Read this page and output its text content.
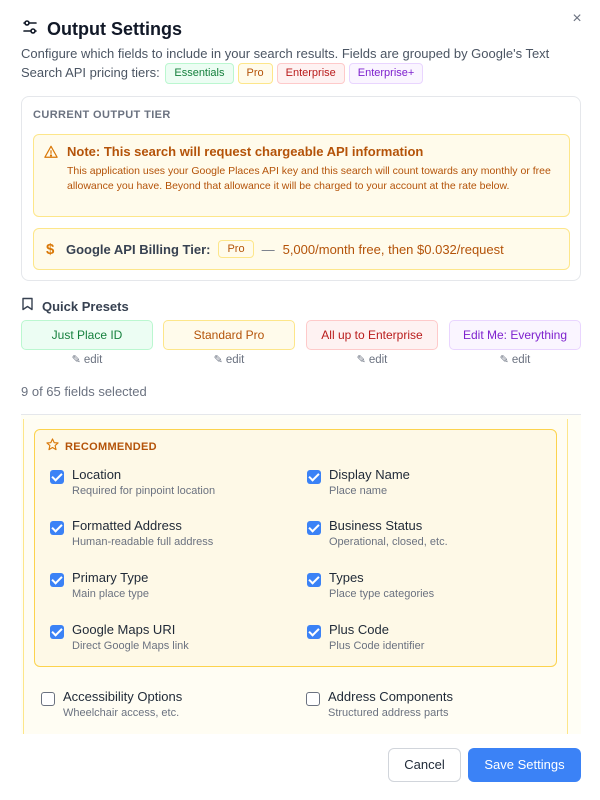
×
Output Settings
Configure which fields to include in your search results. Fields are grouped by Google's Text Search API pricing tiers:	Essentials	Pro	Enterprise	Enterprise+
CURRENT OUTPUT TIER
Note: This search will request chargeable API information
This application uses your Google Places API key and this search will count towards any monthly or free allowance you have. Beyond that allowance it will be charged to your account at the rate below.
$ Google API Billing Tier:	Pro	— 5,000/month free, then $0.032/request
Quick Presets
Just Place ID	Standard Pro	All up to Enterprise	Edit Me: Everything
✎ edit	✎ edit	✎ edit	✎ edit
9 of 65 fields selected
RECOMMENDED
Location
Required for pinpoint location
Display Name
Place name
Formatted Address
Human-readable full address
Business Status
Operational, closed, etc.
Primary Type
Main place type
Types
Place type categories
Google Maps URI
Direct Google Maps link
Plus Code
Plus Code identifier
Accessibility Options
Wheelchair access, etc.
Address Components
Structured address parts
Cancel	Save Settings
